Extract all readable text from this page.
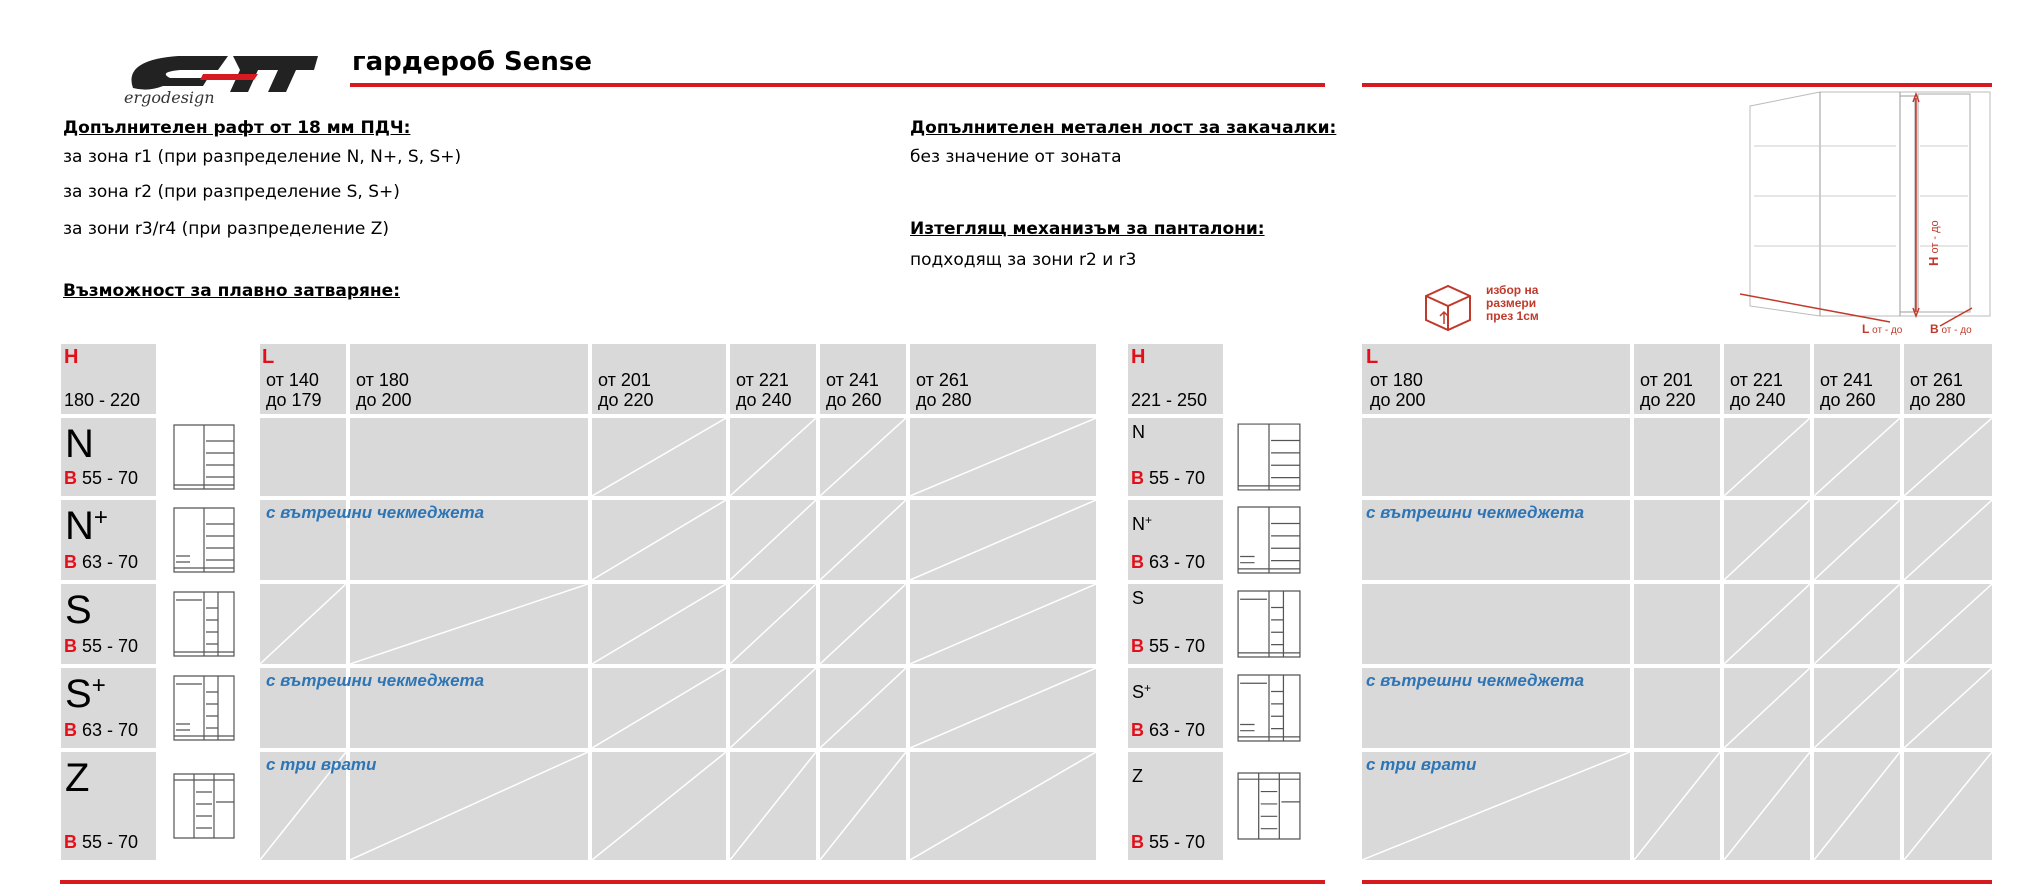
ergodesign
гардероб Sense
Допълнителен рафт от 18 мм ПДЧ:
за зона r1 (при разпределение N, N+, S, S+)
за зона r2 (при разпределение S, S+)
за зони r3/r4 (при разпределение Z)
Възможност за плавно затваряне:
Допълнителен метален лост за закачалки:
без значение от зоната
Изтеглящ механизъм за панталони:
подходящ за зони r2 и r3
избор на
размери
през 1см
H от - до
L от - до B от - до
H
180 - 220
L
от 140
до 179
от 180
до 200
от 201
до 220
от 221
до 240
от 241
до 260
от 261
до 280
H
221 - 250
L
от 180
до 200
от 201
до 220
от 221
до 240
от 241
до 260
от 261
до 280
N
B 55 - 70
N+
B 63 - 70
с вътрешни чекмеджета
S
B 55 - 70
S+
B 63 - 70
с вътрешни чекмеджета
Z
B 55 - 70
с три врати
N
B 55 - 70
N+
B 63 - 70
с вътрешни чекмеджета
S
B 55 - 70
S+
B 63 - 70
с вътрешни чекмеджета
Z
B 55 - 70
с три врати
